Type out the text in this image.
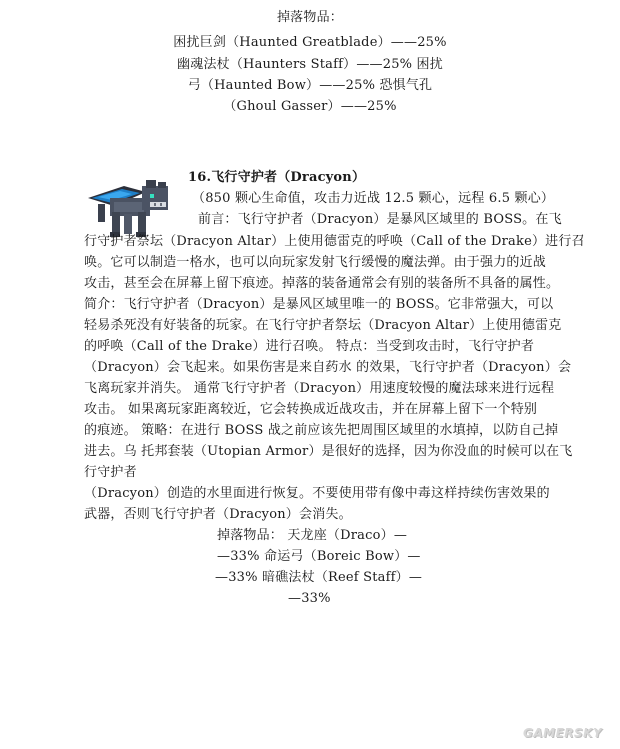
掉落物品：
困扰巨剑（Haunted Greatblade）——25%
幽魂法杖（Haunters Staff）——25% 困扰
弓（Haunted Bow）——25% 恐惧气孔
（Ghoul Gasser）——25%
16.飞行守护者（Dracyon）
（850 颗心生命值，攻击力近战 12.5 颗心，远程 6.5 颗心）
前言：飞行守护者（Dracyon）是暴风区域里的 BOSS。在飞
行守护者祭坛（Dracyon Altar）上使用德雷克的呼唤（Call of the Drake）进行召
唤。它可以制造一格水，也可以向玩家发射飞行缓慢的魔法弹。由于强力的近战
攻击，甚至会在屏幕上留下痕迹。掉落的装备通常会有别的装备所不具备的属性。
简介：飞行守护者（Dracyon）是暴风区域里唯一的 BOSS。它非常强大，可以
轻易杀死没有好装备的玩家。在飞行守护者祭坛（Dracyon Altar）上使用德雷克
的呼唤（Call of the Drake）进行召唤。 特点：当受到攻击时，飞行守护者
（Dracyon）会飞起来。如果伤害是来自药水 的效果，飞行守护者（Dracyon）会
飞离玩家并消失。 通常飞行守护者（Dracyon）用速度较慢的魔法球来进行远程
攻击。 如果离玩家距离较近，它会转换成近战攻击，并在屏幕上留下一个特别
的痕迹。 策略：在进行 BOSS 战之前应该先把周围区域里的水填掉，以防自己掉
进去。乌 托邦套装（Utopian Armor）是很好的选择，因为你没血的时候可以在飞
行守护者
（Dracyon）创造的水里面进行恢复。不要使用带有像中毒这样持续伤害效果的
武器，否则飞行守护者（Dracyon）会消失。
掉落物品： 天龙座（Draco）—
—33% 命运弓（Boreic Bow）—
—33% 暗礁法杖（Reef Staff）—
—33%
GAMERSKY
